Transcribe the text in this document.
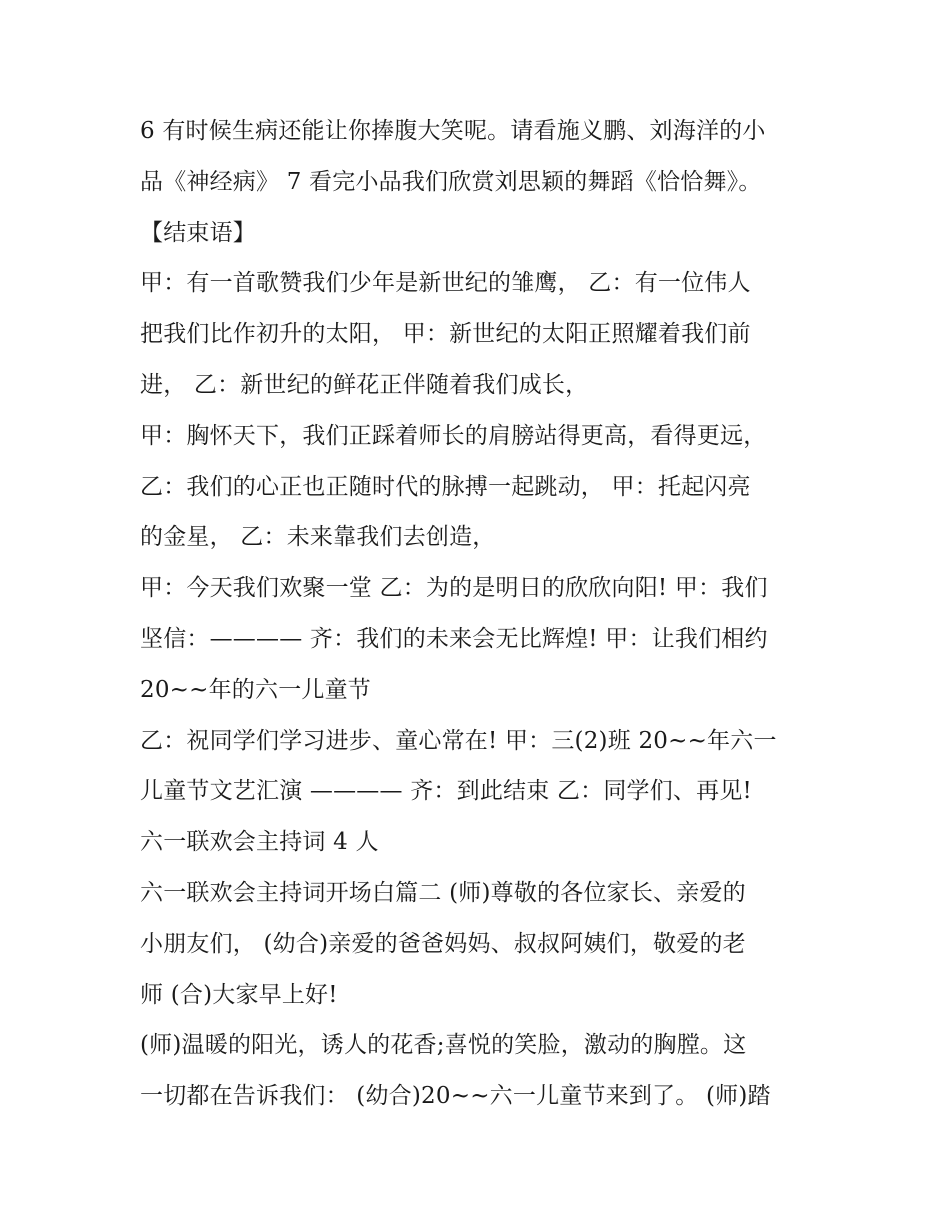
6 有时候生病还能让你捧腹大笑呢。请看施义鹏、刘海洋的小
品《神经病》 7 看完小品我们欣赏刘思颖的舞蹈《恰恰舞》。
【结束语】
甲：有一首歌赞我们少年是新世纪的雏鹰， 乙：有一位伟人
把我们比作初升的太阳， 甲：新世纪的太阳正照耀着我们前
进， 乙：新世纪的鲜花正伴随着我们成长，
甲：胸怀天下，我们正踩着师长的肩膀站得更高，看得更远，
乙：我们的心正也正随时代的脉搏一起跳动， 甲：托起闪亮
的金星， 乙：未来靠我们去创造，
甲：今天我们欢聚一堂 乙：为的是明日的欣欣向阳! 甲：我们
坚信：———— 齐：我们的未来会无比辉煌! 甲：让我们相约
20~~年的六一儿童节
乙：祝同学们学习进步、童心常在! 甲：三(2)班 20~~年六一
儿童节文艺汇演 ———— 齐：到此结束 乙：同学们、再见!
六一联欢会主持词 4 人
六一联欢会主持词开场白篇二 (师)尊敬的各位家长、亲爱的
小朋友们， (幼合)亲爱的爸爸妈妈、叔叔阿姨们，敬爱的老
师 (合)大家早上好!
(师)温暖的阳光，诱人的花香;喜悦的笑脸，激动的胸膛。这
一切都在告诉我们： (幼合)20~~六一儿童节来到了。 (师)踏
